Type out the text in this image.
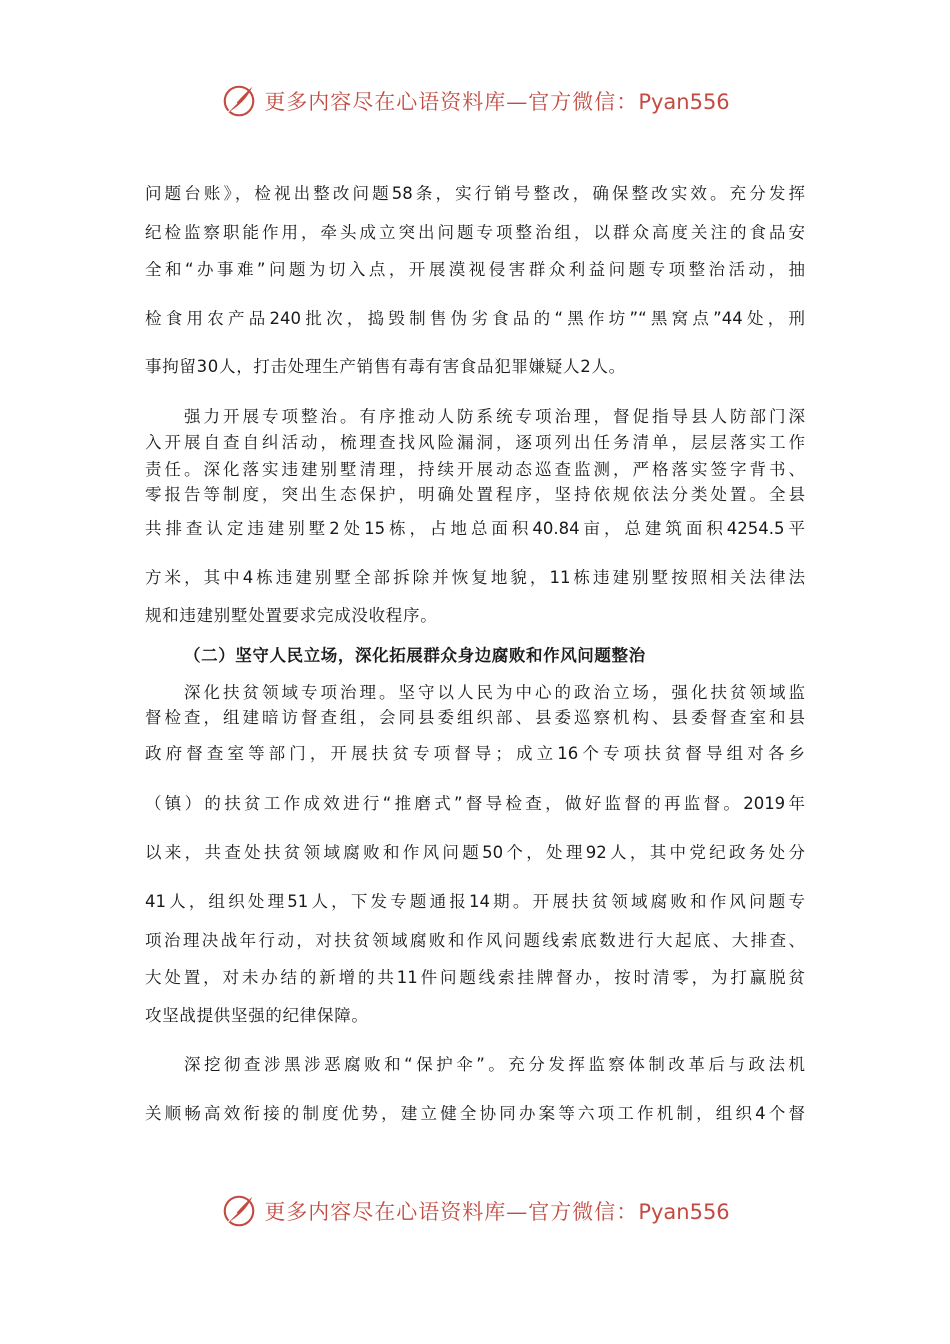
更多内容尽在心语资料库—官方微信：Pyan556
问题台账》，检视出整改问题58条，实行销号整改，确保整改实效。充分发挥
纪检监察职能作用，牵头成立突出问题专项整治组，以群众高度关注的食品安
全和“办事难”问题为切入点，开展漠视侵害群众利益问题专项整治活动，抽
检食用农产品240批次，捣毁制售伪劣食品的“黑作坊”“黑窝点”44处，刑
事拘留30人，打击处理生产销售有毒有害食品犯罪嫌疑人2人。
强力开展专项整治。有序推动人防系统专项治理，督促指导县人防部门深
入开展自查自纠活动，梳理查找风险漏洞，逐项列出任务清单，层层落实工作
责任。深化落实违建别墅清理，持续开展动态巡查监测，严格落实签字背书、
零报告等制度，突出生态保护，明确处置程序，坚持依规依法分类处置。全县
共排查认定违建别墅2处15栋，占地总面积40.84亩，总建筑面积4254.5平
方米，其中4栋违建别墅全部拆除并恢复地貌，11栋违建别墅按照相关法律法
规和违建别墅处置要求完成没收程序。
（二）坚守人民立场，深化拓展群众身边腐败和作风问题整治
深化扶贫领域专项治理。坚守以人民为中心的政治立场，强化扶贫领域监
督检查，组建暗访督查组，会同县委组织部、县委巡察机构、县委督查室和县
政府督查室等部门，开展扶贫专项督导；成立16个专项扶贫督导组对各乡
（镇）的扶贫工作成效进行“推磨式”督导检查，做好监督的再监督。2019年
以来，共查处扶贫领域腐败和作风问题50个，处理92人，其中党纪政务处分
41人，组织处理51人，下发专题通报14期。开展扶贫领域腐败和作风问题专
项治理决战年行动，对扶贫领域腐败和作风问题线索底数进行大起底、大排查、
大处置，对未办结的新增的共11件问题线索挂牌督办，按时清零，为打赢脱贫
攻坚战提供坚强的纪律保障。
深挖彻查涉黑涉恶腐败和“保护伞”。充分发挥监察体制改革后与政法机
关顺畅高效衔接的制度优势，建立健全协同办案等六项工作机制，组织4个督
更多内容尽在心语资料库—官方微信：Pyan556
